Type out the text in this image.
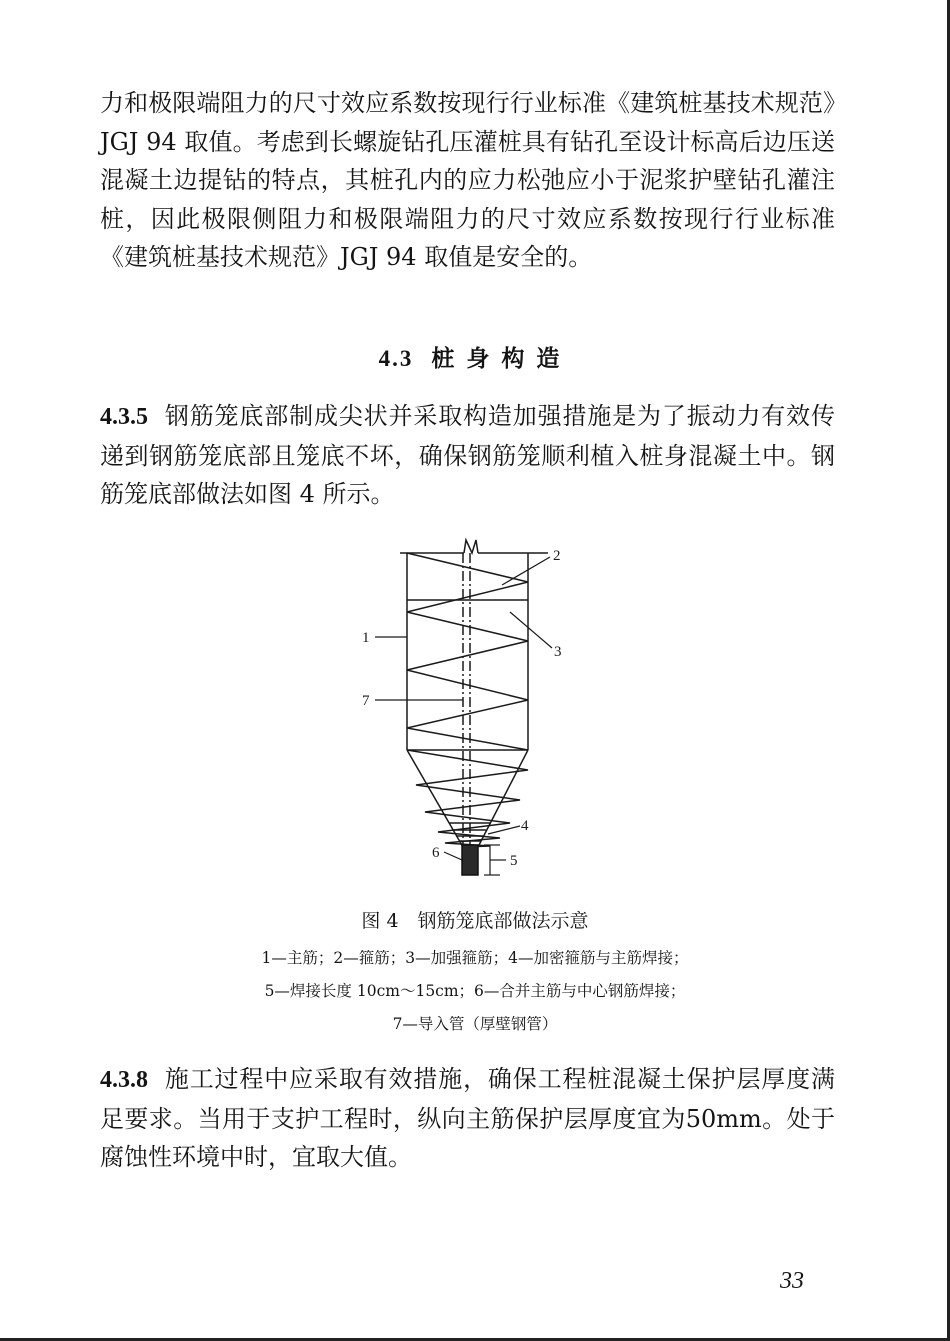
力和极限端阻力的尺寸效应系数按现行行业标准《建筑桩基技术规范》JGJ 94 取值。考虑到长螺旋钻孔压灌桩具有钻孔至设计标高后边压送混凝土边提钻的特点，其桩孔内的应力松弛应小于泥浆护壁钻孔灌注桩，因此极限侧阻力和极限端阻力的尺寸效应系数按现行行业标准《建筑桩基技术规范》JGJ 94 取值是安全的。

4.3 桩身构造

4.3.5 钢筋笼底部制成尖状并采取构造加强措施是为了振动力有效传递到钢筋笼底部且笼底不坏，确保钢筋笼顺利植入桩身混凝土中。钢筋笼底部做法如图 4 所示。

1
7
2
3
4
6	5
图 4　钢筋笼底部做法示意
1—主筋；2—箍筋；3—加强箍筋；4—加密箍筋与主筋焊接；
5—焊接长度 10cm～15cm；6—合并主筋与中心钢筋焊接；
7—导入管（厚壁钢管）

4.3.8 施工过程中应采取有效措施，确保工程桩混凝土保护层厚度满足要求。当用于支护工程时，纵向主筋保护层厚度宜为50mm。处于腐蚀性环境中时，宜取大值。

33
